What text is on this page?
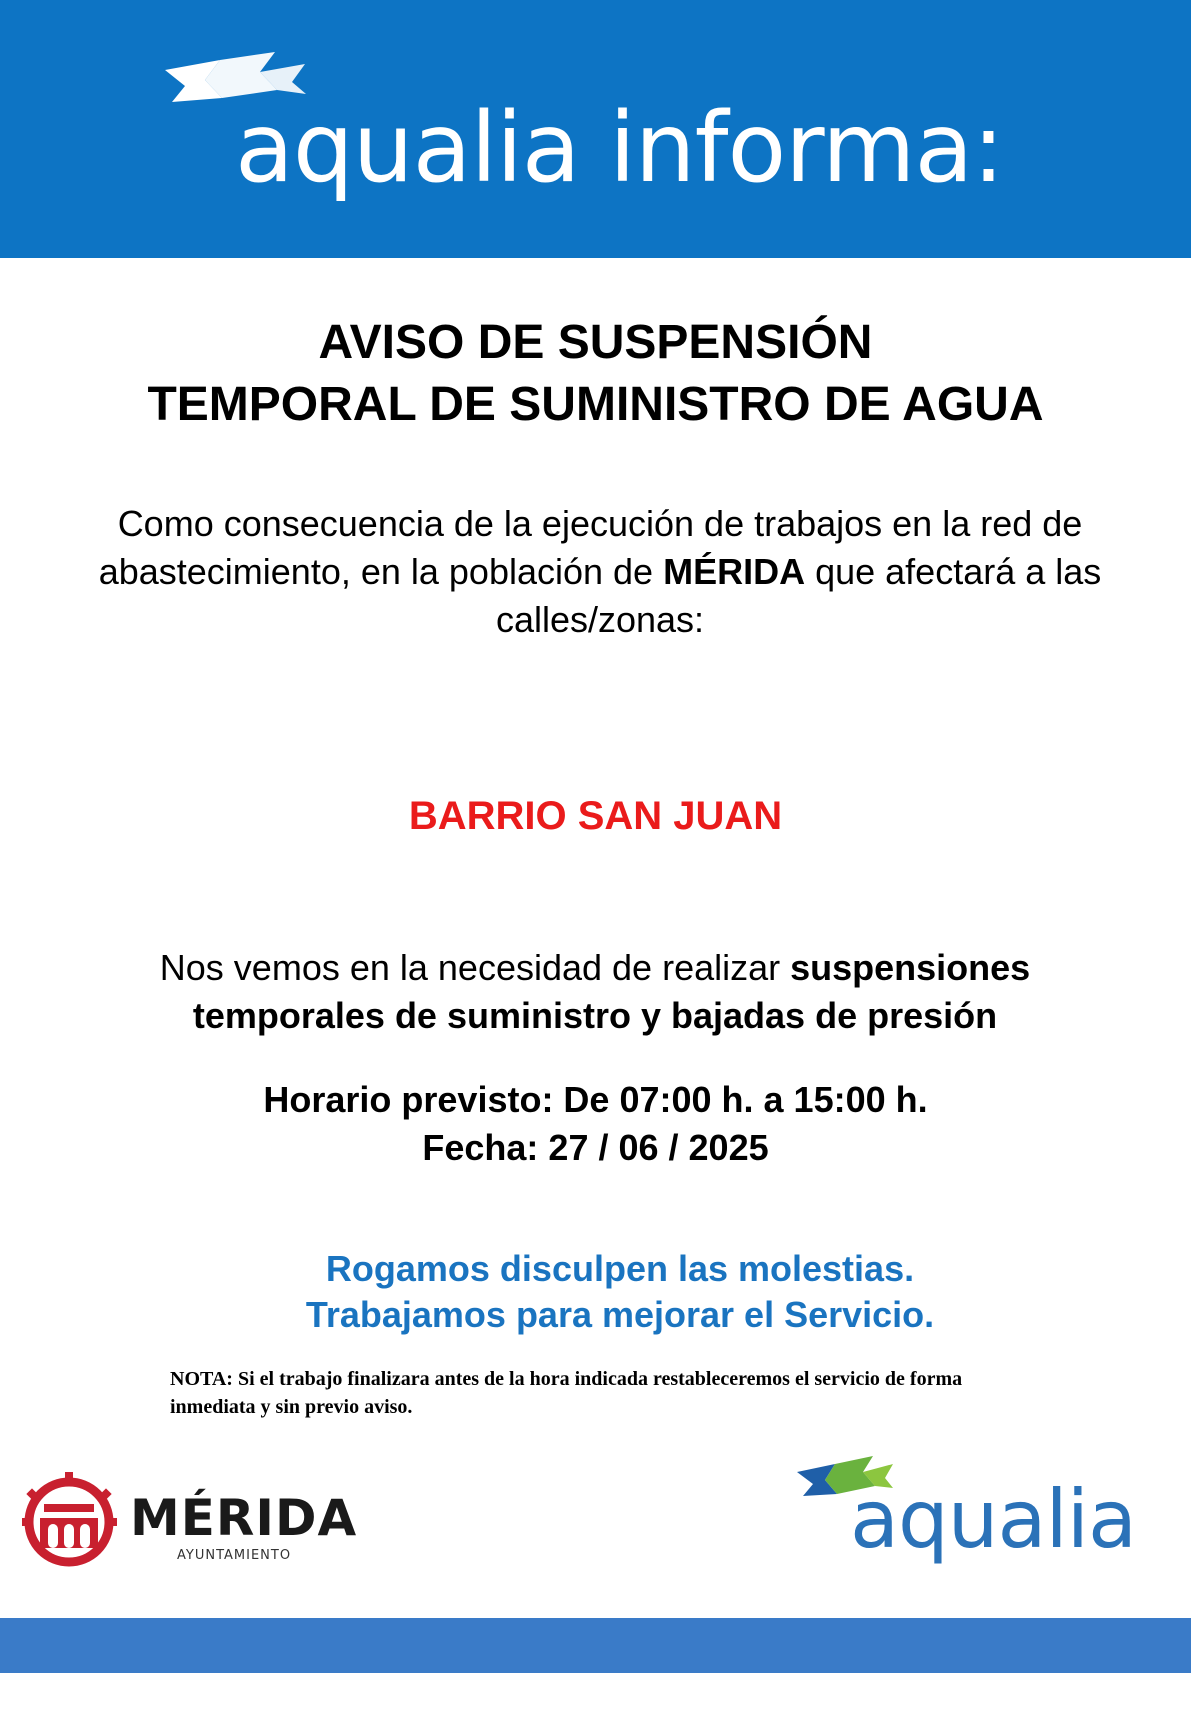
aqualia informa:
AVISO DE SUSPENSIÓN
TEMPORAL DE SUMINISTRO DE AGUA
Como consecuencia de la ejecución de trabajos en la red de abastecimiento, en la población de MÉRIDA que afectará a las calles/zonas:
BARRIO SAN JUAN
Nos vemos en la necesidad de realizar suspensiones temporales de suministro y bajadas de presión
Horario previsto: De 07:00 h. a 15:00 h.
Fecha: 27 / 06 / 2025
Rogamos disculpen las molestias.
Trabajamos para mejorar el Servicio.
NOTA: Si el trabajo finalizara antes de la hora indicada restableceremos el servicio de forma inmediata y sin previo aviso.
MÉRIDA
AYUNTAMIENTO	aqualia
